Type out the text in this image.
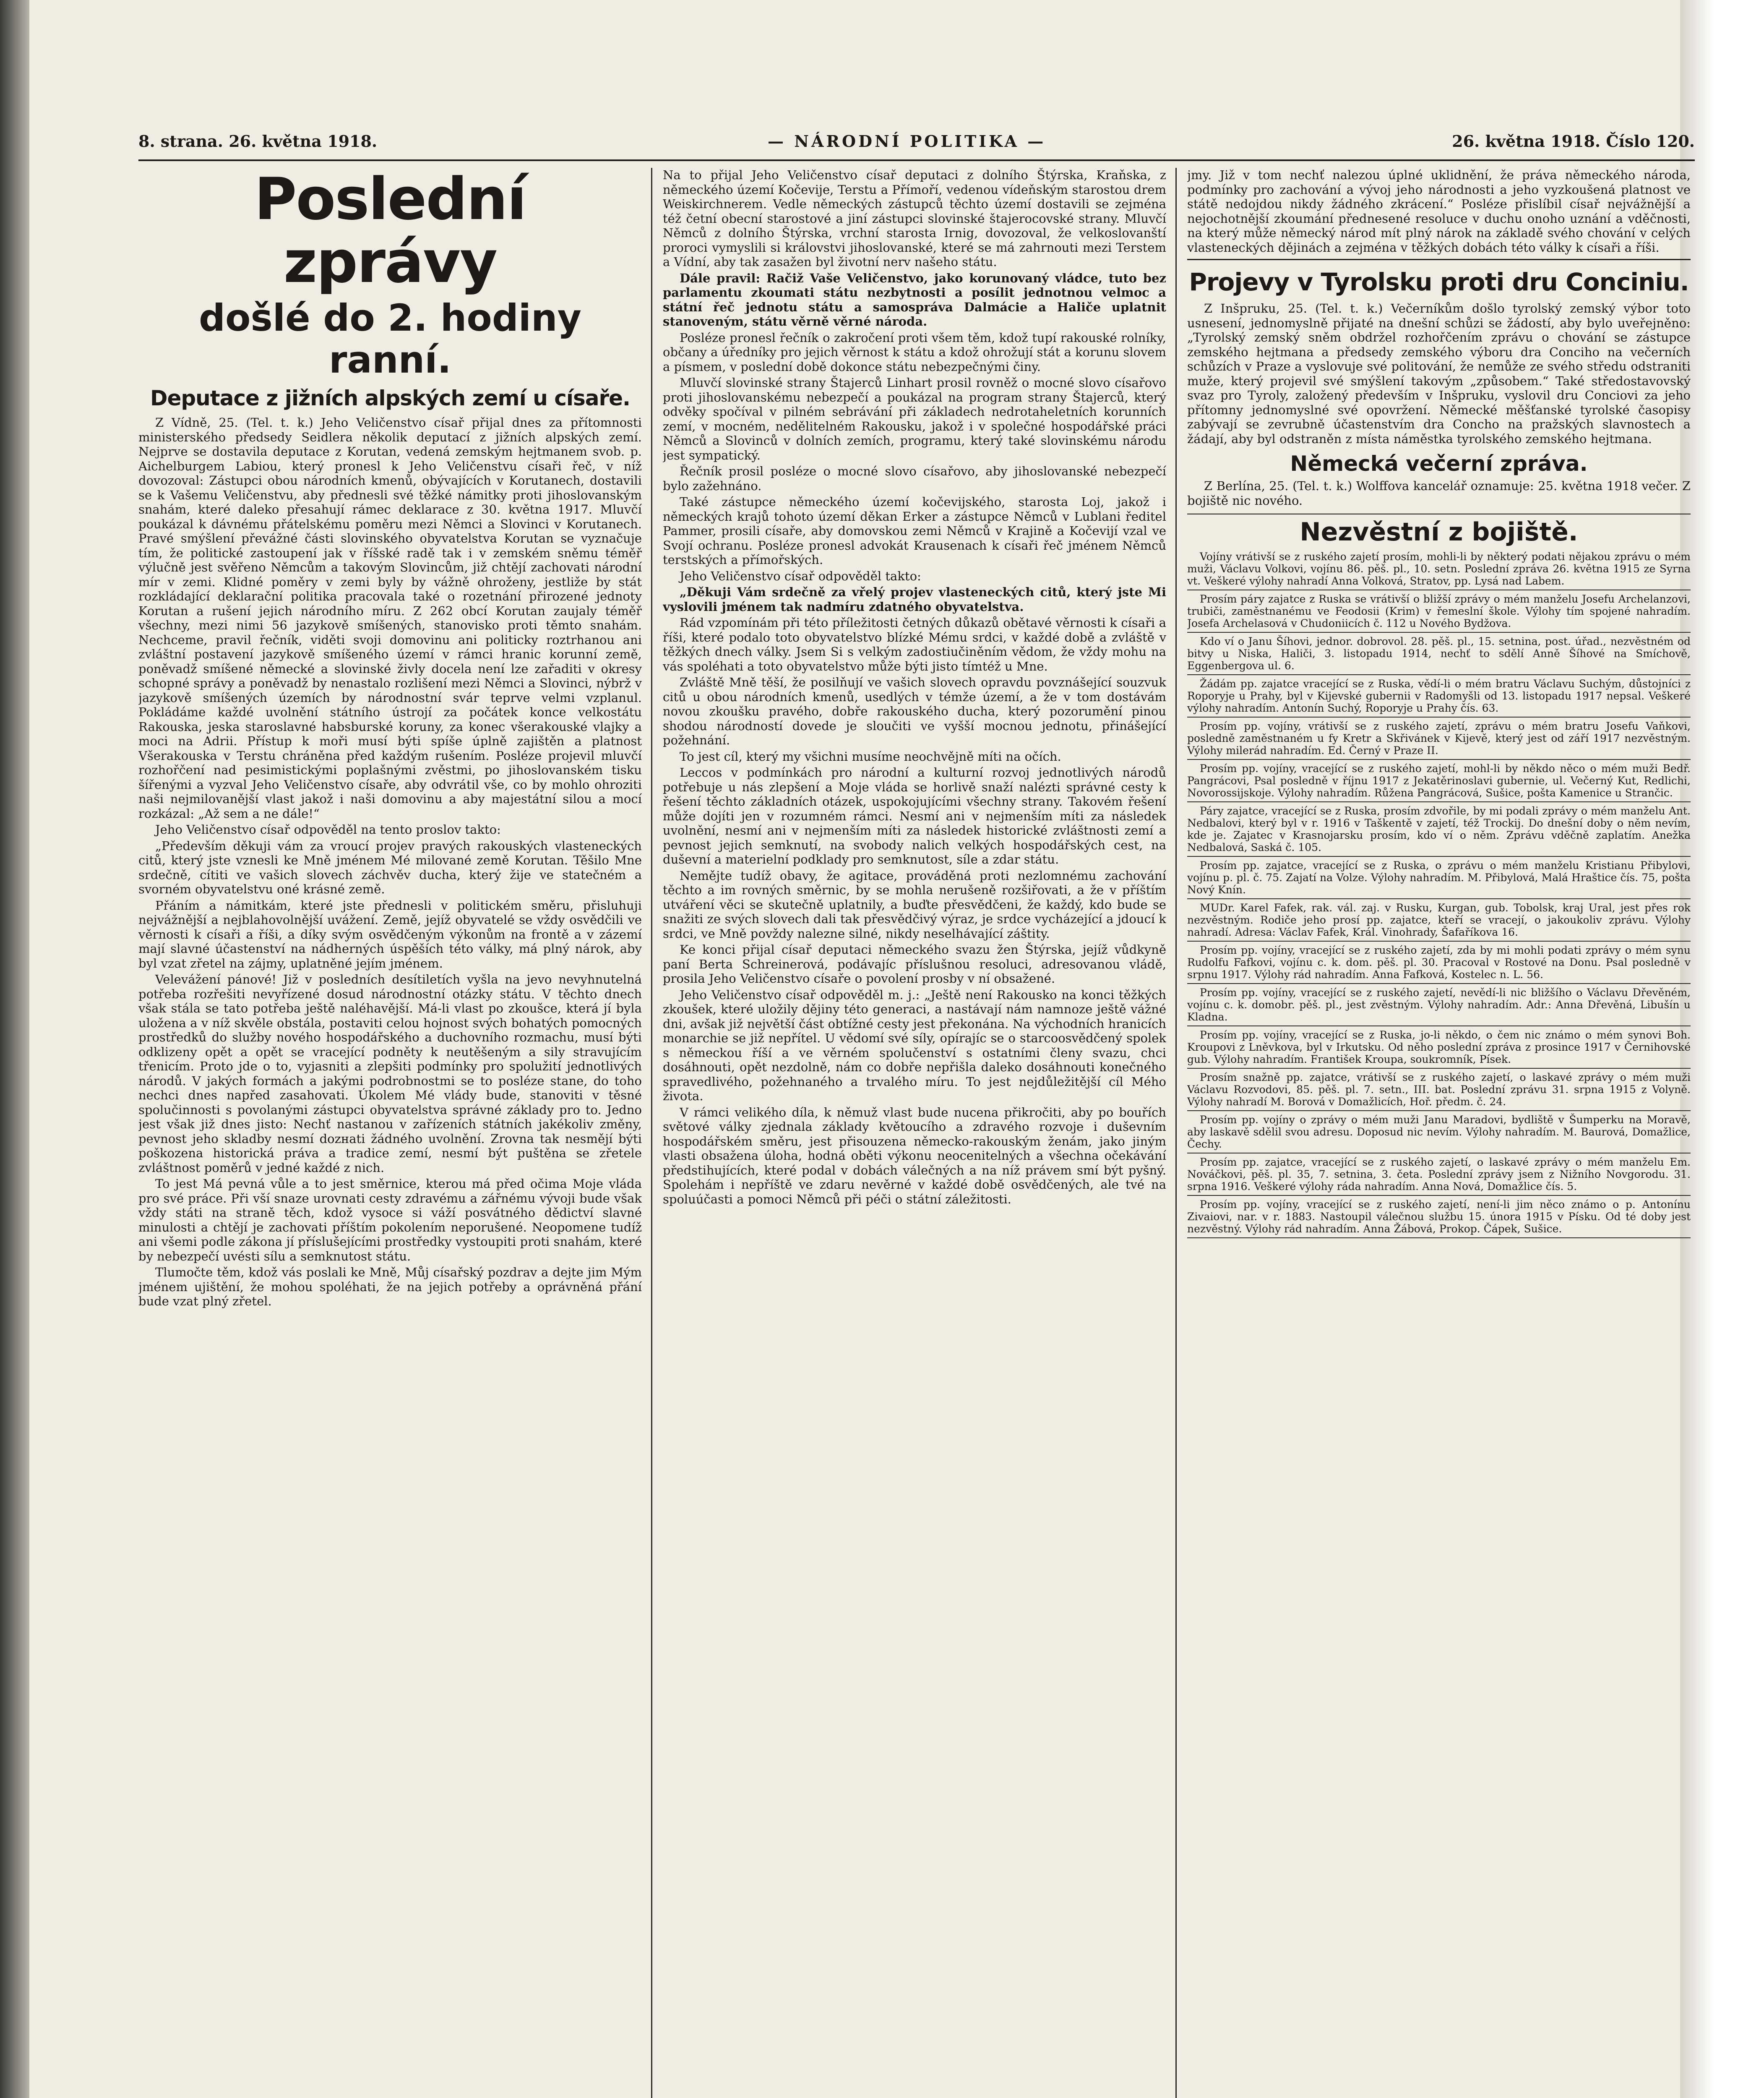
8. strana. 26. května 1918.	— NÁRODNÍ POLITIKA —	26. května 1918. Číslo 120.
Poslední zprávy
došlé do 2. hodiny ranní.
Deputace z jižních alpských zemí u císaře.

Z Vídně, 25. (Tel. t. k.) Jeho Veličenstvo císař přijal dnes za přítomnosti ministerského předsedy Seidlera několik deputací z jižních alpských zemí. Nejprve se dostavila deputace z Korutan, vedená zemským hejtmanem svob. p. Aichelburgem Labiou, který pronesl k Jeho Veličenstvu císaři řeč, v níž dovozoval: Zástupci obou národních kmenů, obývajících v Korutanech, dostavili se k Vašemu Veličenstvu, aby přednesli své těžké námitky proti jihoslovanským snahám, které daleko přesahují rámec deklarace z 30. května 1917. Mluvčí poukázal k dávnému přátelskému poměru mezi Němci a Slovinci v Korutanech. Pravé smýšlení převážné části slovinského obyvatelstva Korutan se vyznačuje tím, že politické zastoupení jak v říšské radě tak i v zemském sněmu téměř výlučně jest svěřeno Němcům a takovým Slovincům, již chtějí zachovati národní mír v zemi. Klidné poměry v zemi byly by vážně ohroženy, jestliže by stát rozkládající deklarační politika pracovala také o rozetnání přirozené jednoty Korutan a rušení jejich národního míru. Z 262 obcí Korutan zaujaly téměř všechny, mezi nimi 56 jazykově smíšených, stanovisko proti těmto snahám. Nechceme, pravil řečník, viděti svoji domovinu ani politicky roztrhanou ani zvláštní postavení jazykově smíšeného území v rámci hranic korunní země, poněvadž smíšené německé a slovinské živly docela není lze zařaditi v okresy schopné správy a poněvadž by nenastalo rozlišení mezi Němci a Slovinci, nýbrž v jazykově smíšených územích by národnostní svár teprve velmi vzplanul. Pokládáme každé uvolnění státního ústrojí za počátek konce velkostátu Rakouska, jeska staroslavné habsburské koruny, za konec všerakouské vlajky a moci na Adrii. Přístup k moři musí býti spíše úplně zajištěn a platnost Všerakouska v Terstu chráněna před každým rušením. Posléze projevil mluvčí rozhořčení nad pesimistickými poplašnými zvěstmi, po jihoslovanském tisku šířenými a vyzval Jeho Veličenstvo císaře, aby odvrátil vše, co by mohlo ohroziti naši nejmilovanější vlast jakož i naši domovinu a aby majestátní silou a mocí rozkázal: „Až sem a ne dále!“

Jeho Veličenstvo císař odpověděl na tento proslov takto:

„Především děkuji vám za vroucí projev pravých rakouských vlasteneckých citů, který jste vznesli ke Mně jménem Mé milované země Korutan. Těšilo Mne srdečně, cítiti ve vašich slovech záchvěv ducha, který žije ve statečném a svorném obyvatelstvu oné krásné země.

Přáním a námitkám, které jste přednesli v politickém směru, přisluhuji nejvážnější a nejblahovolnější uvážení. Země, jejíž obyvatelé se vždy osvědčili ve věrnosti k císaři a říši, a díky svým osvědčeným výkonům na frontě a v zázemí mají slavné účastenství na nádherných úspěších této války, má plný nárok, aby byl vzat zřetel na zájmy, uplatněné jejím jménem.

Velevážení pánové! Již v posledních desítiletích vyšla na jevo nevyhnutelná potřeba rozřešiti nevyřízené dosud národnostní otázky státu. V těchto dnech však stála se tato potřeba ještě naléhavější. Má-li vlast po zkoušce, která jí byla uložena a v níž skvěle obstála, postaviti celou hojnost svých bohatých pomocných prostředků do služby nového hospodářského a duchovního rozmachu, musí býti odklizeny opět a opět se vracející podněty k neutěšeným a sily stravujícím třenicím. Proto jde o to, vyjasniti a zlepšiti podmínky pro spolužití jednotlivých národů. V jakých formách a jakými podrobnostmi se to posléze stane, do toho nechci dnes napřed zasahovati. Úkolem Mé vlády bude, stanoviti v těsné spolučinnosti s povolanými zástupci obyvatelstva správné základy pro to. Jedno jest však již dnes jisto: Nechť nastanou v zařízeních státních jakékoliv změny, pevnost jeho skladby nesmí dozнati žádného uvolnění. Zrovna tak nesmějí býti poškozena historická práva a tradice zemí, nesmí být puštěna se zřetele zvláštnost poměrů v jedné každé z nich.

To jest Má pevná vůle a to jest směrnice, kterou má před očima Moje vláda pro své práce. Při vší snaze urovnati cesty zdravému a zářnému vývoji bude však vždy státi na straně těch, kdož vysoce si váží posvátného dědictví slavné minulosti a chtějí je zachovati příštím pokolením neporušené. Neopomene tudíž ani všemi podle zákona jí příslušejícími prostředky vystoupiti proti snahám, které by nebezpečí uvésti sílu a semknutost státu.

Tlumočte těm, kdož vás poslali ke Mně, Můj císařský pozdrav a dejte jim Mým jménem ujištění, že mohou spoléhati, že na jejich potřeby a oprávněná přání bude vzat plný zřetel.

Na to přijal Jeho Veličenstvo císař deputaci z dolního Štýrska, Kraňska, z německého území Kočevije, Terstu a Přímoří, vedenou vídeňským starostou drem Weiskirchnerem. Vedle německých zástupců těchto území dostavili se zejména též četní obecní starostové a jiní zástupci slovinské štajerocovské strany. Mluvčí Němců z dolního Štýrska, vrchní starosta Irnig, dovozoval, že velkoslovanští proroci vymyslili si královstvi jihoslovanské, které se má zahrnouti mezi Terstem a Vídní, aby tak zasažen byl životní nerv našeho státu.

Dále pravil: Račiž Vaše Veličenstvo, jako korunovaný vládce, tuto bez parlamentu zkoumati státu nezbytnosti a posílit jednotnou velmoc a státní řeč jednotu státu a samospráva Dalmácie a Haliče uplatnit stanoveným, státu věrně věrné národa.

Posléze pronesl řečník o zakročení proti všem těm, kdož tupí rakouské rolníky, občany a úředníky pro jejich věrnost k státu a kdož ohrožují stát a korunu slovem a písmem, v poslední době dokonce státu nebezpečnými činy.

Mluvčí slovinské strany Štajerců Linhart prosil rovněž o mocné slovo císařovo proti jihoslovanskému nebezpečí a poukázal na program strany Štajerců, který odvěky spočíval v pilném sebrávání při základech nedrotaheletních korunních zemí, v mocném, nedělitelném Rakousku, jakož i v společné hospodářské práci Němců a Slovinců v dolních zemích, programu, který také slovinskému národu jest sympatický.

Řečník prosil posléze o mocné slovo císařovo, aby jihoslovanské nebezpečí bylo zažehnáno.

Také zástupce německého území kočevijského, starosta Loj, jakož i německých krajů tohoto území děkan Erker a zástupce Němců v Lublani ředitel Pammer, prosili císaře, aby domovskou zemi Němců v Krajině a Kočevijí vzal ve Svojí ochranu. Posléze pronesl advokát Krausenach k císaři řeč jménem Němců terstských a přímořských.

Jeho Veličenstvo císař odpověděl takto:

„Děkuji Vám srdečně za vřelý projev vlasteneckých citů, který jste Mi vyslovili jménem tak nadmíru zdatného obyvatelstva.

Rád vzpomínám při této příležitosti četných důkazů obětavé věrnosti k císaři a říši, které podalo toto obyvatelstvo blízké Mému srdci, v každé době a zvláště v těžkých dnech války. Jsem Si s velkým zadostiučiněním vědom, že vždy mohu na vás spoléhati a toto obyvatelstvo může býti jisto tímtéž u Mne.

Zvláště Mně těší, že posilňují ve vašich slovech opravdu povznášející souzvuk citů u obou národních kmenů, usedlých v témže území, a že v tom dostávám novou zkoušku pravého, dobře rakouského ducha, který pozorumění pinou shodou národností dovede je sloučiti ve vyšší mocnou jednotu, přinášející požehnání.

To jest cíl, který my všichni musíme neochvějně míti na očích.

Leccos v podmínkách pro národní a kulturní rozvoj jednotlivých národů potřebuje u nás zlepšení a Moje vláda se horlivě snaží nalézti správné cesty k řešení těchto základních otázek, uspokojujícími všechny strany. Takovém řešení může dojíti jen v rozumném rámci. Nesmí ani v nejmenším míti za následek uvolnění, nesmí ani v nejmenším míti za následek historické zvláštnosti zemí a pevnost jejich semknutí, na svobody nalich velkých hospodářských cest, na duševní a materielní podklady pro semknutost, síle a zdar státu.

Nemějte tudíž obavy, že agitace, prováděná proti nezlomnému zachování těchto a im rovných směrnic, by se mohla nerušeně rozšiřovati, a že v příštím utváření věci se skutečně uplatnily, a buďte přesvědčeni, že každý, kdo bude se snažiti ze svých slovech dali tak přesvědčivý výraz, je srdce vycházející a jdoucí k srdci, ve Mně povždy nalezne silné, nikdy neselhávající záštity.

Ke konci přijal císař deputaci německého svazu žen Štýrska, jejíž vůdkyně paní Berta Schreinerová, podávajíc příslušnou resoluci, adresovanou vládě, prosila Jeho Veličenstvo císaře o povolení prosby v ní obsažené.

Jeho Veličenstvo císař odpověděl m. j.: „Ještě není Rakousko na konci těžkých zkoušek, které uložily dějiny této generaci, a nastávají nám namnoze ještě vážné dni, avšak již největší část obtížné cesty jest překonána. Na východních hranicích monarchie se již nepřítel. U vědomí své síly, opírajíc se o starcoosvědčený spolek s německou říší a ve věrném spolučenství s ostatními členy svazu, chci dosáhnouti, opět nezdolně, nám co dobře nepřišla daleko dosáhnouti konečného spravedlivého, požehnaného a trvalého míru. To jest nejdůležitější cíl Mého života.

V rámci velikého díla, k němuž vlast bude nucena přikročiti, aby po bouřích světové války zjednala základy květoucího a zdravého rozvoje i duševním hospodářském směru, jest přisouzena německo-rakouským ženám, jako jiným vlasti obsažena úloha, hodná oběti výkonu neocenitelných a všechna očekávání předstihujících, které podal v dobách válečných a na níž právem smí být pyšný. Spolehám i nepříště ve zdaru nevěrné v každé době osvědčených, ale tvé na spoluúčasti a pomoci Němců při péči o státní záležitosti.

jmy. Již v tom nechť nalezou úplné uklidnění, že práva německého národa, podmínky pro zachování a vývoj jeho národnosti a jeho vyzkoušená platnost ve státě nedojdou nikdy žádného zkrácení.“ Posléze přislíbil císař nejvážnější a nejochotnější zkoumání přednesené resoluce v duchu onoho uznání a vděčnosti, na který může německý národ mít plný nárok na základě svého chování v celých vlasteneckých dějinách a zejména v těžkých dobách této války k císaři a říši.

Projevy v Tyrolsku proti dru Conciniu.

Z Inšpruku, 25. (Tel. t. k.) Večerníkům došlo tyrolský zemský výbor toto usnesení, jednomyslně přijaté na dnešní schůzi se žádostí, aby bylo uveřejněno: „Tyrolský zemský sněm obdržel rozhořčením zprávu o chování se zástupce zemského hejtmana a předsedy zemského výboru dra Conciho na večerních schůzích v Praze a vyslovuje své politování, že nemůže ze svého středu odstraniti muže, který projevil své smýšlení takovým „způsobem.“ Také středostavovský svaz pro Tyroly, založený především v Inšpruku, vyslovil dru Conciovi za jeho přítomny jednomyslné své opovržení. Německé měšťanské tyrolské časopisy zabývají se zevrubně účastenstvím dra Concho na pražských slavnostech a žádají, aby byl odstraněn z místa náměstka tyrolského zemského hejtmana.

Německá večerní zpráva.

Z Berlína, 25. (Tel. t. k.) Wolffova kancelář oznamuje: 25. května 1918 večer. Z bojiště nic nového.

Nezvěstní z bojiště.

Vojíny vrátivší se z ruského zajetí prosím, mohli-li by některý podati nějakou zprávu o mém muži, Václavu Volkovi, vojínu 86. pěš. pl., 10. setn. Poslední zpráva 26. května 1915 ze Syrna vt. Veškeré výlohy nahradí Anna Volková, Stratov, pp. Lysá nad Labem.

Prosím páry zajatce z Ruska se vrátivší o bližší zprávy o mém manželu Josefu Archelanzovi, trubiči, zaměstnanému ve Feodosii (Krim) v řemeslní škole. Výlohy tím spojené nahradím. Josefa Archelasová v Chudoniicích č. 112 u Nového Bydžova.

Kdo ví o Janu Šíhovi, jednor. dobrovol. 28. pěš. pl., 15. setnina, post. úřad., nezvěstném od bitvy u Niska, Haliči, 3. listopadu 1914, nechť to sdělí Anně Šíhové na Smíchově, Eggenbergova ul. 6.

Žádám pp. zajatce vracející se z Ruska, vědí-li o mém bratru Václavu Suchým, důstojníci z Roporyje u Prahy, byl v Kijevské gubernii v Radomyšli od 13. listopadu 1917 nepsal. Veškeré výlohy nahradím. Antonín Suchý, Roporyje u Prahy čís. 63.

Prosím pp. vojíny, vrátivší se z ruského zajetí, zprávu o mém bratru Josefu Vaňkovi, posledně zaměstnaném u fy Kretr a Skřivánek v Kijevě, který jest od září 1917 nezvěstným. Výlohy milerád nahradím. Ed. Černý v Praze II.

Prosím pp. vojíny, vracející se z ruského zajetí, mohl-li by někdo něco o mém muži Bedř. Pangrácovi, Psal posledně v říjnu 1917 z Jekatěrinoslavi gubernie, ul. Večerný Kut, Redlichi, Novorossijskoje. Výlohy nahradím. Růžena Pangrácová, Sušice, pošta Kamenice u Strančic.

Páry zajatce, vracející se z Ruska, prosím zdvořile, by mi podali zprávy o mém manželu Ant. Nedbalovi, který byl v r. 1916 v Taškentě v zajetí, též Trockij. Do dnešní doby o něm nevím, kde je. Zajatec v Krasnojarsku prosím, kdo ví o něm. Zprávu vděčně zaplatím. Anežka Nedbalová, Saská č. 105.

Prosím pp. zajatce, vracející se z Ruska, o zprávu o mém manželu Kristianu Přibylovi, vojínu p. pl. č. 75. Zajatí na Volze. Výlohy nahradím. M. Přibylová, Malá Hraštice čís. 75, pošta Nový Knín.

MUDr. Karel Fafek, rak. vál. zaj. v Rusku, Kurgan, gub. Tobolsk, kraj Ural, jest přes rok nezvěstným. Rodiče jeho prosí pp. zajatce, kteří se vracejí, o jakoukoliv zprávu. Výlohy nahradí. Adresa: Václav Fafek, Král. Vinohrady, Šafaříkova 16.

Prosím pp. vojíny, vracející se z ruského zajetí, zda by mi mohli podati zprávy o mém synu Rudolfu Fafkovi, vojínu c. k. dom. pěš. pl. 30. Pracoval v Rostové na Donu. Psal posledně v srpnu 1917. Výlohy rád nahradím. Anna Fafková, Kostelec n. L. 56.

Prosím pp. vojíny, vracející se z ruského zajetí, nevědí-li nic bližšího o Václavu Dřevěném, vojínu c. k. domobr. pěš. pl., jest zvěstným. Výlohy nahradím. Adr.: Anna Dřevěná, Libušín u Kladna.

Prosím pp. vojíny, vracející se z Ruska, jo-li někdo, o čem nic známo o mém synovi Boh. Kroupovi z Lněvkova, byl v Irkutsku. Od něho poslední zpráva z prosince 1917 v Černihovské gub. Výlohy nahradím. František Kroupa, soukromník, Písek.

Prosím snažně pp. zajatce, vrátivší se z ruského zajetí, o laskavé zprávy o mém muži Václavu Rozvodovi, 85. pěš. pl. 7. setn., III. bat. Poslední zprávu 31. srpna 1915 z Volyně. Výlohy nahradí M. Borová v Domažlicích, Hoř. předm. č. 24.

Prosím pp. vojíny o zprávy o mém muži Janu Maradovi, bydliště v Šumperku na Moravě, aby laskavě sdělil svou adresu. Doposud nic nevím. Výlohy nahradím. M. Baurová, Domažlice, Čechy.

Prosím pp. zajatce, vracející se z ruského zajetí, o laskavé zprávy o mém manželu Em. Nováčkovi, pěš. pl. 35, 7. setnina, 3. četa. Poslední zprávy jsem z Nižního Novgorodu. 31. srpna 1916. Veškeré výlohy ráda nahradím. Anna Nová, Domažlice čís. 5.

Prosím pp. vojíny, vracející se z ruského zajetí, není-li jim něco známo o p. Antonínu Zivaiovi, nar. v r. 1883. Nastoupil válečnou službu 15. února 1915 v Písku. Od té doby jest nezvěstný. Výlohy rád nahradím. Anna Žábová, Prokop. Čápek, Sušice.
